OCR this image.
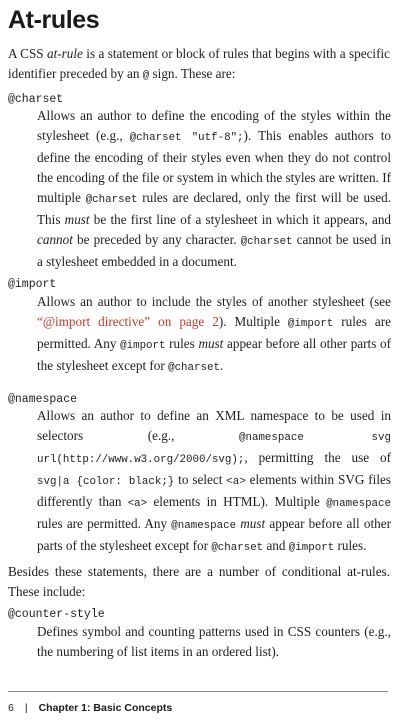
At-rules

A CSS at-rule is a statement or block of rules that begins with a specific identifier preceded by an @ sign. These are:

@charset

Allows an author to define the encoding of the styles within the stylesheet (e.g., @charset "utf-8";). This enables authors to define the encoding of their styles even when they do not control the encoding of the file or system in which the styles are written. If multiple @charset rules are declared, only the first will be used. This must be the first line of a stylesheet in which it appears, and cannot be preceded by any character. @charset cannot be used in a stylesheet embedded in a document.

@import

Allows an author to include the styles of another stylesheet (see “@import directive” on page 2). Multiple @import rules are permitted. Any @import rules must appear before all other parts of the stylesheet except for @charset.

@namespace

Allows an author to define an XML namespace to be used in selectors (e.g., @namespace svg url(http://www.w3.org/2000/svg);, permitting the use of svg|a {color: black;} to select <a> elements within SVG files differently than <a> elements in HTML). Multiple @namespace rules are permitted. Any @namespace must appear before all other parts of the stylesheet except for @charset and @import rules.

Besides these statements, there are a number of conditional at-rules. These include:

@counter-style

Defines symbol and counting patterns used in CSS counters (e.g., the numbering of list items in an ordered list).

6 | Chapter 1: Basic Concepts
